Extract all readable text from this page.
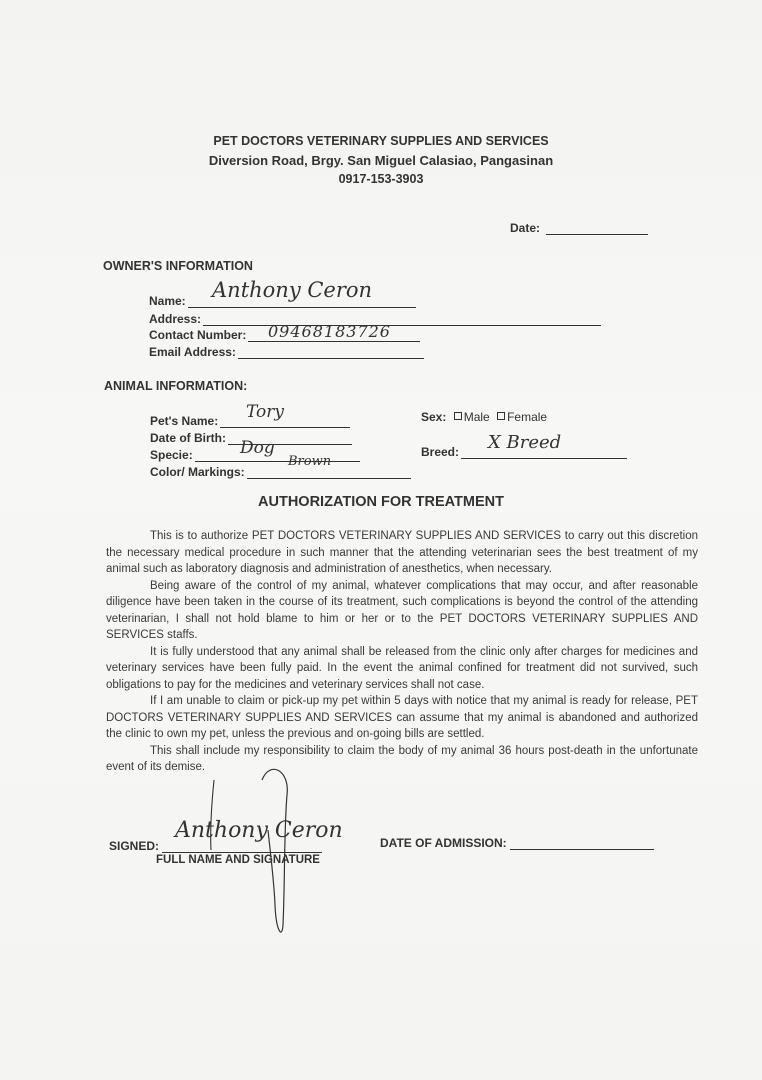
PET DOCTORS VETERINARY SUPPLIES AND SERVICES
Diversion Road, Brgy. San Miguel Calasiao, Pangasinan
0917-153-3903
Date:
OWNER'S INFORMATION
Name:
Address:
Contact Number:
Email Address:
Anthony Ceron
09468183726
ANIMAL INFORMATION:
Pet's Name:
Date of Birth:
Specie:
Color/ Markings:
Sex: Male Female
Breed:
Tory
Dog
Brown
X Breed
AUTHORIZATION FOR TREATMENT

This is to authorize PET DOCTORS VETERINARY SUPPLIES AND SERVICES to carry out this discretion the necessary medical procedure in such manner that the attending veterinarian sees the best treatment of my animal such as laboratory diagnosis and administration of anesthetics, when necessary.

Being aware of the control of my animal, whatever complications that may occur, and after reasonable diligence have been taken in the course of its treatment, such complications is beyond the control of the attending veterinarian, I shall not hold blame to him or her or to the PET DOCTORS VETERINARY SUPPLIES AND SERVICES staffs.

It is fully understood that any animal shall be released from the clinic only after charges for medicines and veterinary services have been fully paid. In the event the animal confined for treatment did not survived, such obligations to pay for the medicines and veterinary services shall not case.

If I am unable to claim or pick-up my pet within 5 days with notice that my animal is ready for release, PET DOCTORS VETERINARY SUPPLIES AND SERVICES can assume that my animal is abandoned and authorized the clinic to own my pet, unless the previous and on-going bills are settled.

This shall include my responsibility to claim the body of my animal 36 hours post-death in the unfortunate event of its demise.

SIGNED:
FULL NAME AND SIGNATURE
DATE OF ADMISSION:
Anthony Ceron
